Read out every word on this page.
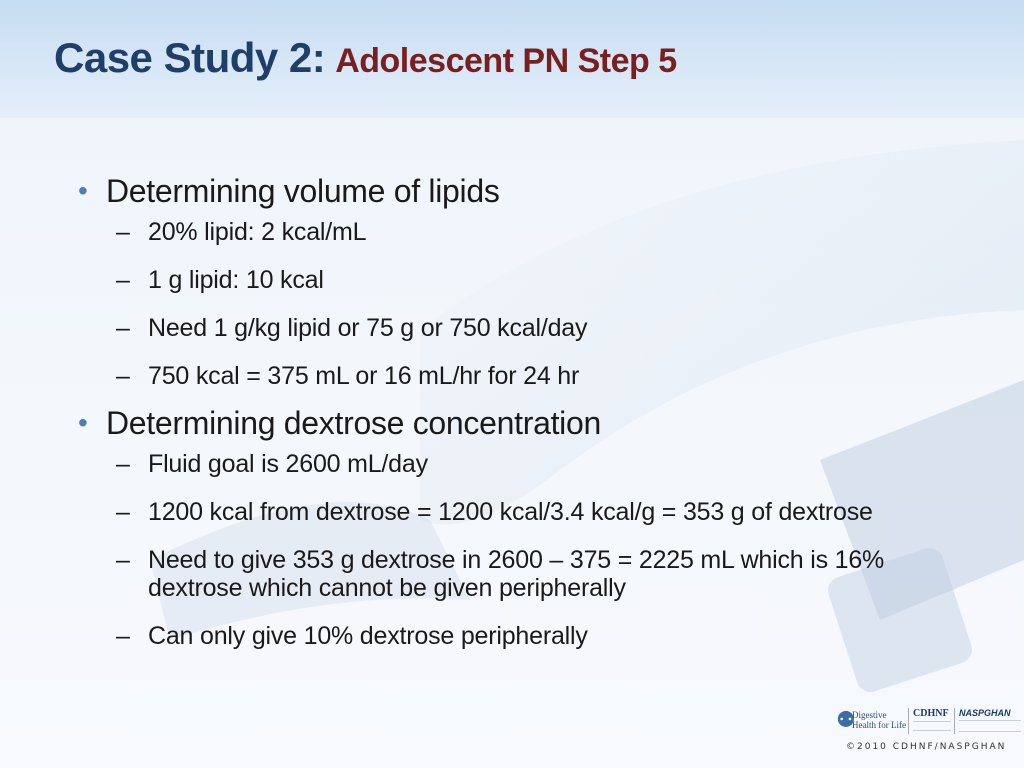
Case Study 2: Adolescent PN Step 5
• Determining volume of lipids
– 20% lipid: 2 kcal/mL
– 1 g lipid: 10 kcal
– Need 1 g/kg lipid or 75 g or 750 kcal/day
– 750 kcal = 375 mL or 16 mL/hr for 24 hr
• Determining dextrose concentration
– Fluid goal is 2600 mL/day
– 1200 kcal from dextrose = 1200 kcal/3.4 kcal/g = 353 g of dextrose
– Need to give 353 g dextrose in 2600 – 375 = 2225 mL which is 16% dextrose which cannot be given peripherally
– Can only give 10% dextrose peripherally
⚉
Digestive Health for Life
CDHNF NASPGHAN
©2010 CDHNF/NASPGHAN
